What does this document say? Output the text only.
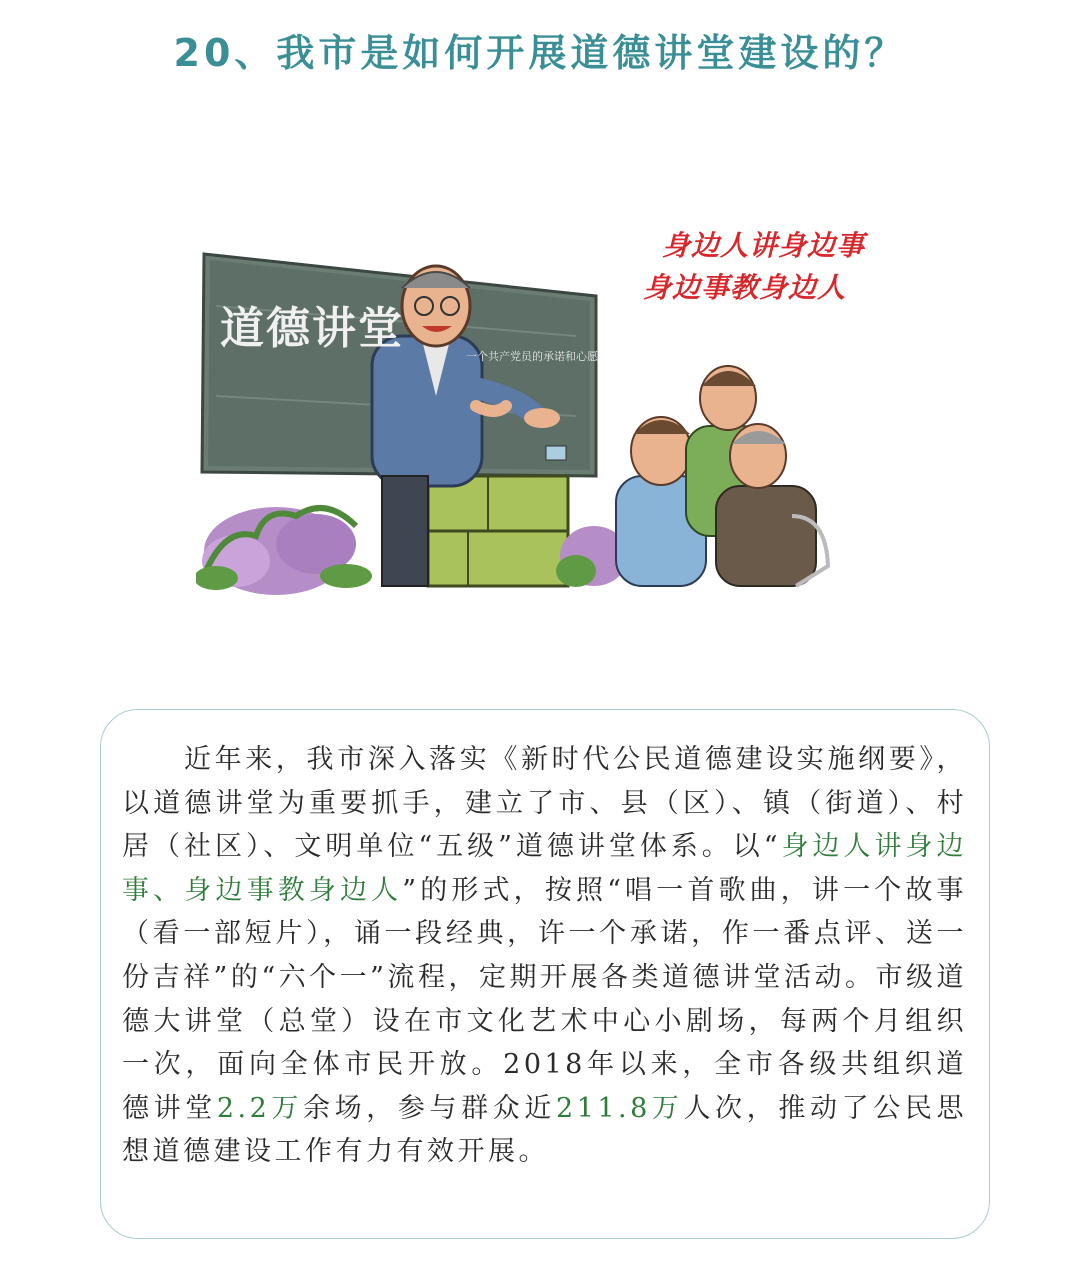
20、我市是如何开展道德讲堂建设的？
身边人讲身边事
身边事教身边人
道德讲堂
一个共产党员的承诺和心愿

近年来，我市深入落实《新时代公民道德建设实施纲要》，以道德讲堂为重要抓手，建立了市、县（区）、镇（街道）、村居（社区）、文明单位“五级”道德讲堂体系。以“身边人讲身边事、身边事教身边人”的形式，按照“唱一首歌曲，讲一个故事（看一部短片），诵一段经典，许一个承诺，作一番点评、送一份吉祥”的“六个一”流程，定期开展各类道德讲堂活动。市级道德大讲堂（总堂）设在市文化艺术中心小剧场，每两个月组织一次，面向全体市民开放。2018年以来，全市各级共组织道德讲堂2.2万余场，参与群众近211.8万人次，推动了公民思想道德建设工作有力有效开展。
